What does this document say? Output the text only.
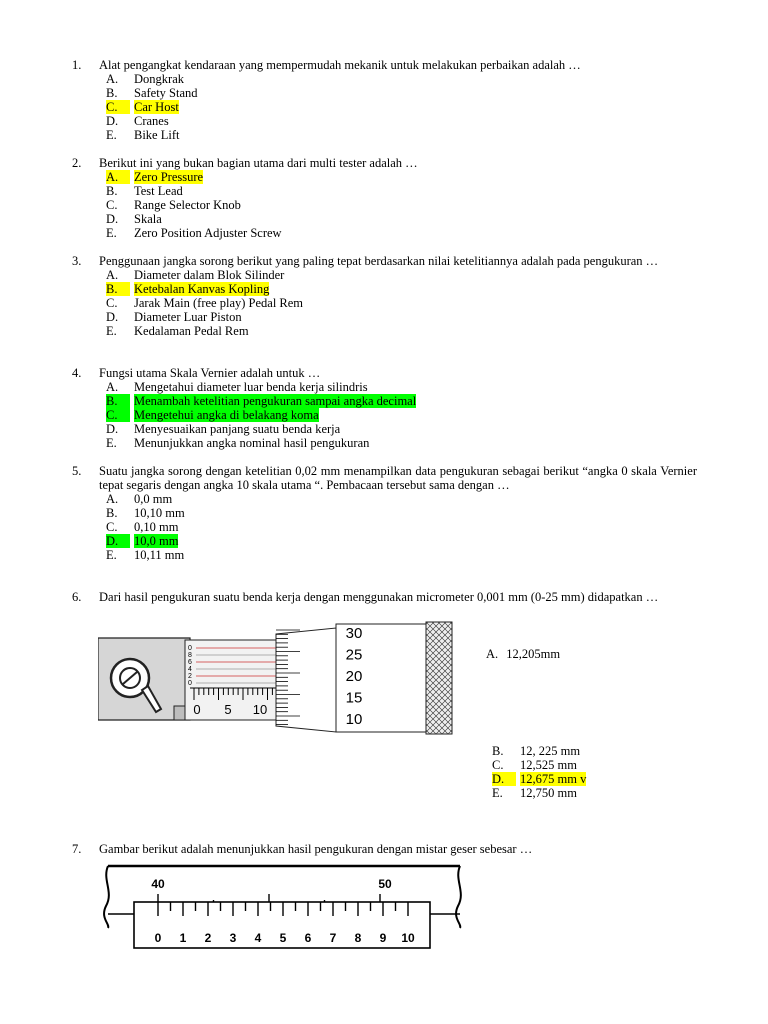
1. Alat pengangkat kendaraan yang mempermudah mekanik untuk melakukan perbaikan adalah …
A.	Dongkrak
B.	Safety Stand
C.	Car Host
D.	Cranes
E.	Bike Lift
2. Berikut ini yang bukan bagian utama dari multi tester adalah …
A.	Zero Pressure
B.	Test Lead
C.	Range Selector Knob
D.	Skala
E.	Zero Position Adjuster Screw
3. Penggunaan jangka sorong berikut yang paling tepat berdasarkan nilai ketelitiannya adalah pada pengukuran …
A.	Diameter dalam Blok Silinder
B.	Ketebalan Kanvas Kopling
C.	Jarak Main (free play) Pedal Rem
D.	Diameter Luar Piston
E.	Kedalaman Pedal Rem
4. Fungsi utama Skala Vernier adalah untuk …
A.	Mengetahui diameter luar benda kerja silindris
B.	Menambah ketelitian pengukuran sampai angka decimal
C.	Mengetehui angka di belakang koma
D.	Menyesuaikan panjang suatu benda kerja
E.	Menunjukkan angka nominal hasil pengukuran
5. Suatu jangka sorong dengan ketelitian 0,02 mm menampilkan data pengukuran sebagai berikut “angka 0 skala Vernier tepat segaris dengan angka 10 skala utama “. Pembacaan tersebut sama dengan …
A.	0,0 mm
B.	10,10 mm
C.	0,10 mm
D.	10,0 mm
E.	10,11 mm
6. Dari hasil pengukuran suatu benda kerja dengan menggunakan micrometer 0,001 mm (0-25 mm) didapatkan …
0 5 10
0
2
4
6
8
0
30
25
20
15
10
A. 12,205mm
B.	12, 225 mm
C.	12,525 mm
D.	12,675 mm v
E.	12,750 mm
7. Gambar berikut adalah menunjukkan hasil pengukuran dengan mistar geser sebesar …
40	50
0 1 2 3 4 5 6 7 8 9 10
